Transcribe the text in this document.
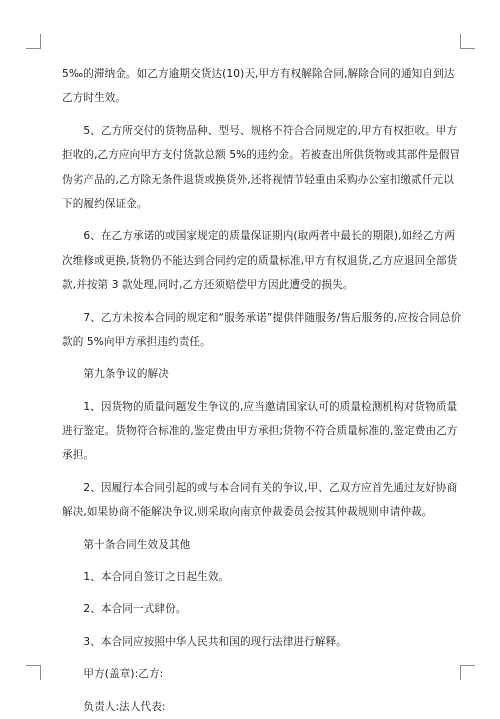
5‰的滞纳金。如乙方逾期交货达(10)天,甲方有权解除合同,解除合同的通知自到达
乙方时生效。
　　5、乙方所交付的货物品种、型号、规格不符合合同规定的,甲方有权拒收。甲方
拒收的,乙方应向甲方支付货款总额 5%的违约金。若被查出所供货物或其部件是假冒
伪劣产品的,乙方除无条件退货或换货外,还将视情节轻重由采购办公室扣缴贰仟元以
下的履约保证金。
　　6、在乙方承诺的或国家规定的质量保证期内(取两者中最长的期限),如经乙方两
次维修或更换,货物仍不能达到合同约定的质量标准,甲方有权退货,乙方应退回全部货
款,并按第 3 款处理,同时,乙方还须赔偿甲方因此遭受的损失。
　　7、乙方未按本合同的规定和“服务承诺”提供伴随服务/售后服务的,应按合同总价
款的 5%向甲方承担违约责任。
　　第九条争议的解决
　　1、因货物的质量问题发生争议的,应当邀请国家认可的质量检测机构对货物质量
进行鉴定。货物符合标准的,鉴定费由甲方承担;货物不符合质量标准的,鉴定费由乙方
承担。
　　2、因履行本合同引起的或与本合同有关的争议,甲、乙双方应首先通过友好协商
解决,如果协商不能解决争议,则采取向南京仲裁委员会按其仲裁规则申请仲裁。
　　第十条合同生效及其他
　　1、本合同自签订之日起生效。
　　2、本合同一式肆份。
　　3、本合同应按照中华人民共和国的现行法律进行解释。
　　甲方(盖章):乙方:
　　负责人:法人代表:
